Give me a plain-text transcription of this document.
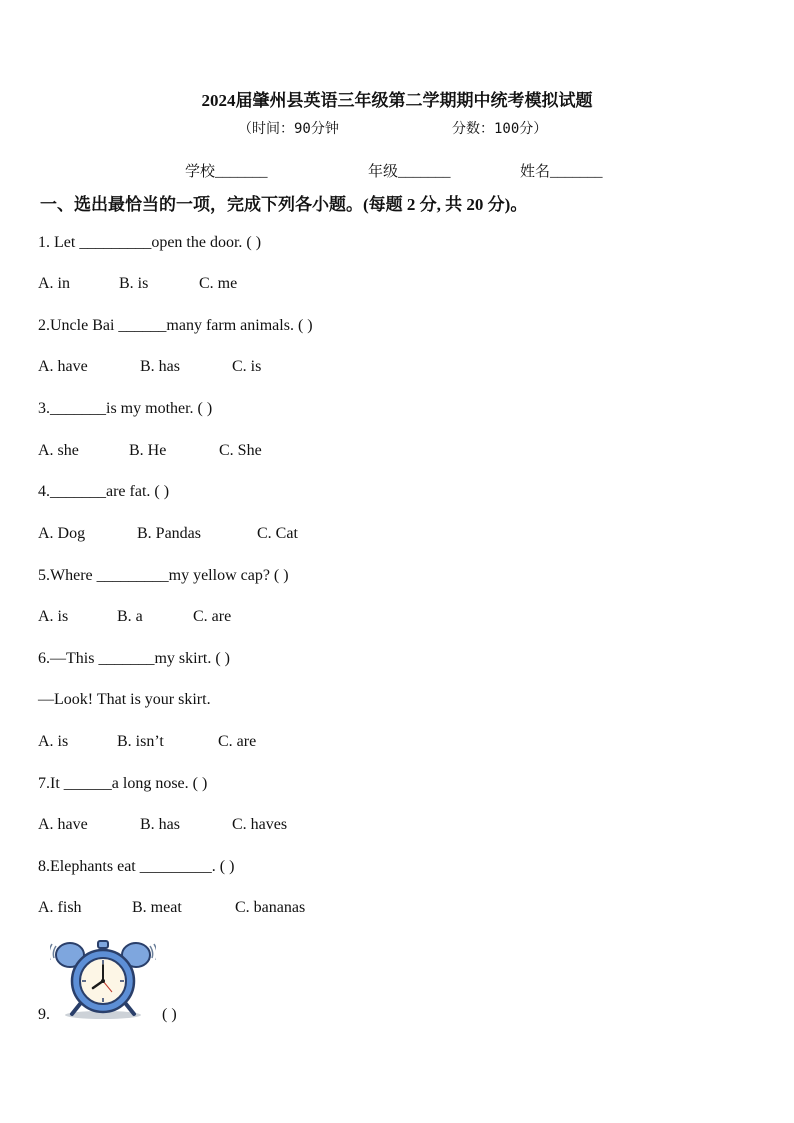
2024届肇州县英语三年级第二学期期中统考模拟试题
（时间：90分钟	分数：100分）
学校_______	年级_______	姓名_______
一、选出最恰当的一项，完成下列各小题。(每题 2 分, 共 20 分)。
1. Let _________open the door. ( )
A. in	B. is	C. me
2.Uncle Bai ______many farm animals. ( )
A. have	B. has	C. is
3._______is my mother. ( )
A. she	B. He	C. She
4._______are fat. ( )
A. Dog	B. Pandas	C. Cat
5.Where _________my yellow cap? ( )
A. is	B. a	C. are
6.—This _______my skirt. ( )
—Look! That is your skirt.
A. is	B. isn’t	C. are
7.It ______a long nose. ( )
A. have	B. has	C. haves
8.Elephants eat _________. ( )
A. fish	B. meat	C. bananas
9.	( )
